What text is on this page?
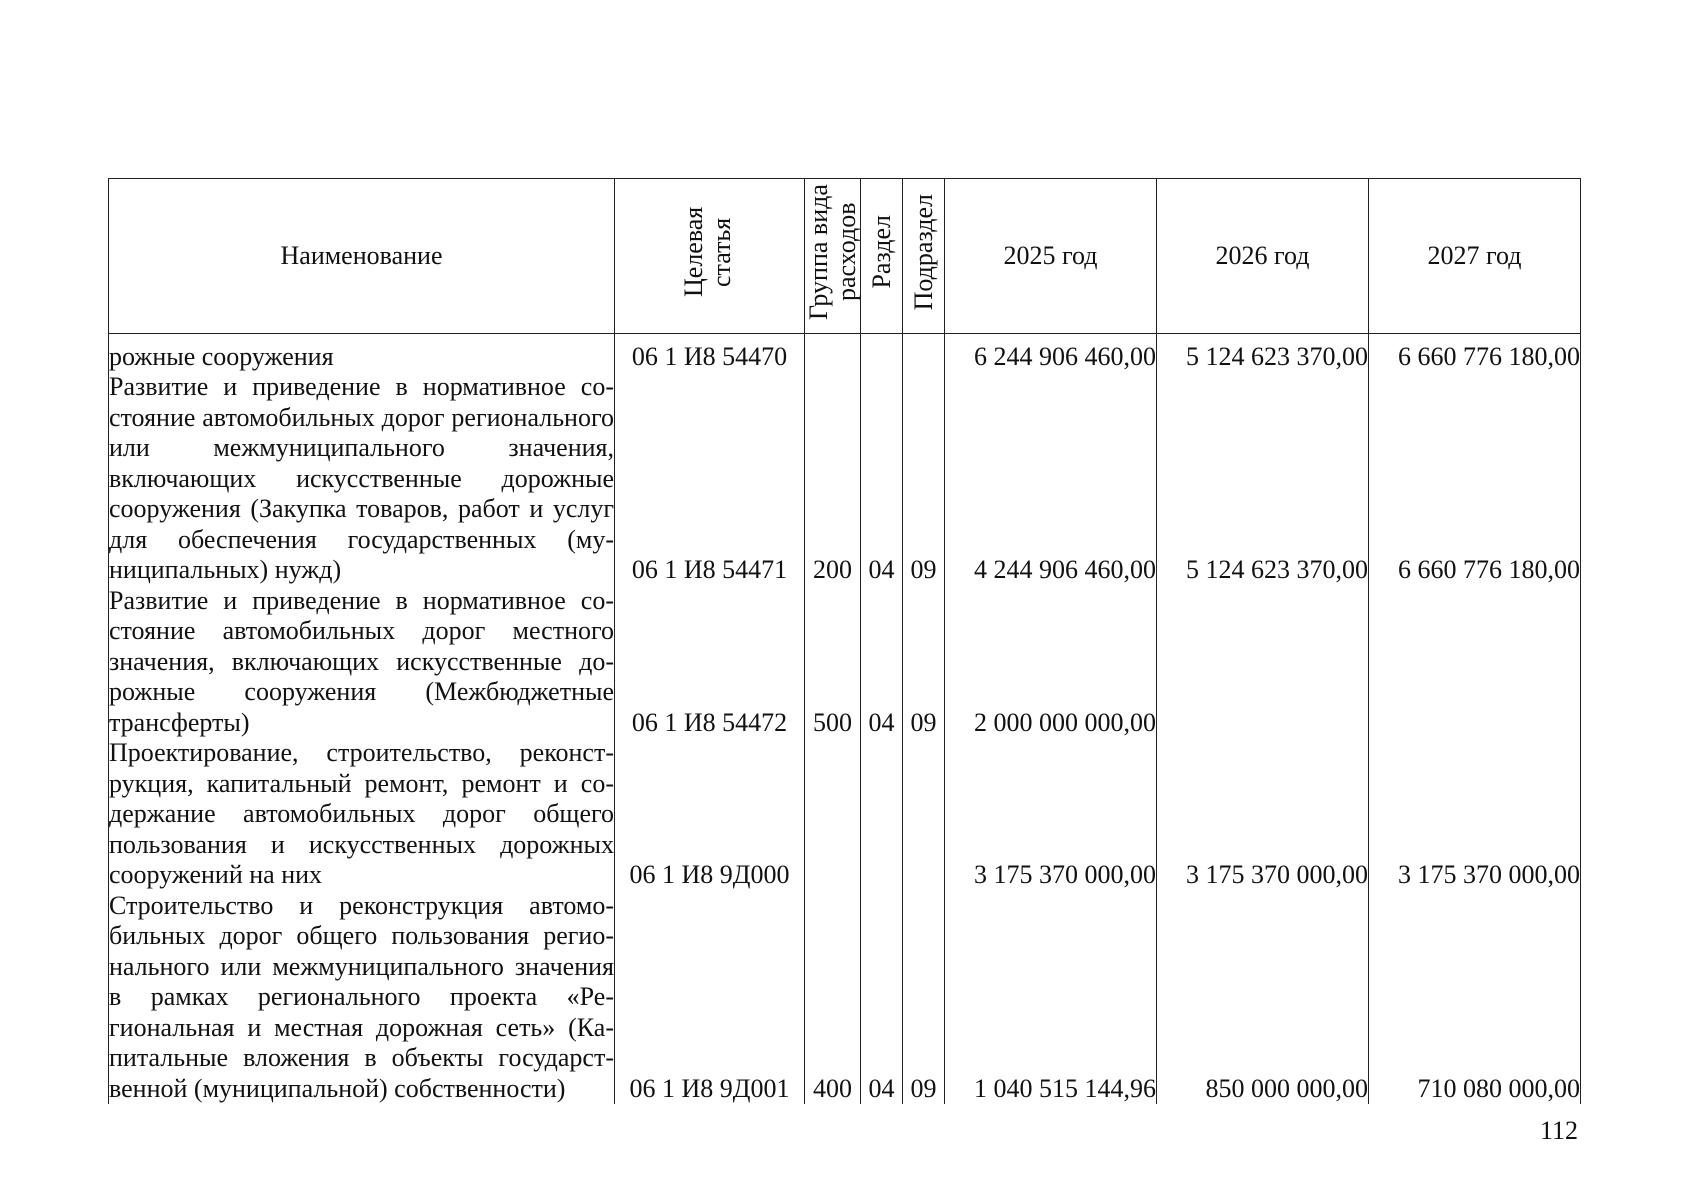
Наименование	Целевая статья	Группа вида расходов	Раздел	Подраздел	2025 год	2026 год	2027 год
рожные сооружения	06 1 И8 54470				6 244 906 460,00	5 124 623 370,00	6 660 776 180,00
Развитие и приведение в нормативное состояние автомобильных дорог регионального или межмуниципального значения, включающих искусственные дорожные сооружения (Закупка товаров, работ и услуг для обеспечения государственных (муниципальных) нужд)	06 1 И8 54471	200	04	09	4 244 906 460,00	5 124 623 370,00	6 660 776 180,00
Развитие и приведение в нормативное состояние автомобильных дорог местного значения, включающих искусственные дорожные сооружения (Межбюджетные трансферты)	06 1 И8 54472	500	04	09	2 000 000 000,00		
Проектирование, строительство, реконструкция, капитальный ремонт, ремонт и содержание автомобильных дорог общего пользования и искусственных дорожных сооружений на них	06 1 И8 9Д000				3 175 370 000,00	3 175 370 000,00	3 175 370 000,00
Строительство и реконструкция автомобильных дорог общего пользования регионального или межмуниципального значения в рамках регионального проекта «Региональная и местная дорожная сеть» (Капитальные вложения в объекты государственной (муниципальной) собственности)	06 1 И8 9Д001	400	04	09	1 040 515 144,96	850 000 000,00	710 080 000,00
112
